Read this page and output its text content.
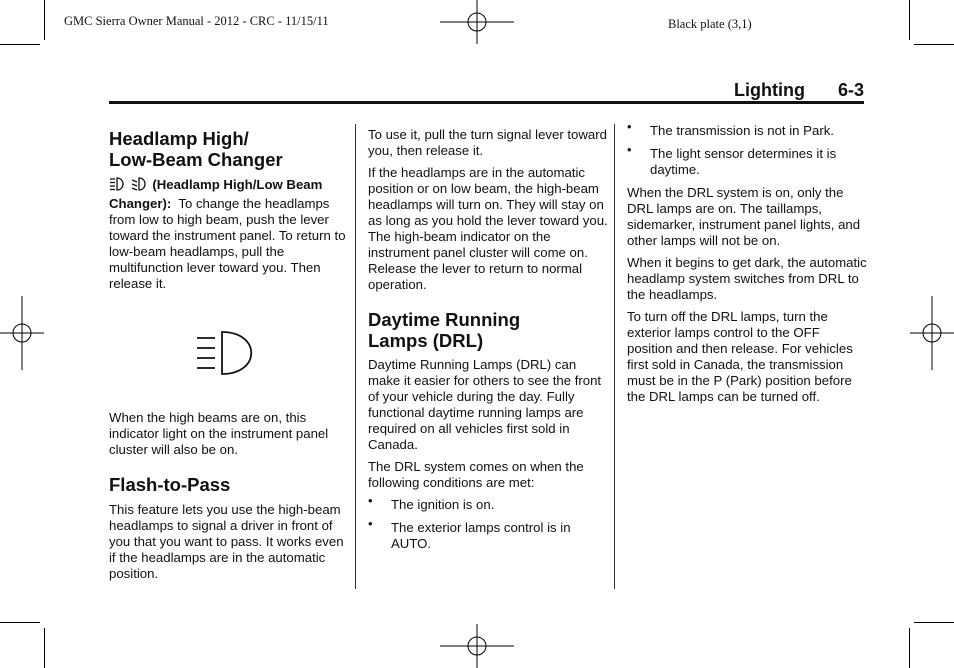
GMC Sierra Owner Manual - 2012 - CRC - 11/15/11	Black plate (3,1)
Lighting 6-3
Headlamp High/
Low-Beam Changer

(Headlamp High/Low Beam Changer): To change the headlamps from low to high beam, push the lever toward the instrument panel. To return to low-beam headlamps, pull the multifunction lever toward you. Then release it.

When the high beams are on, this indicator light on the instrument panel cluster will also be on.

Flash-to-Pass

This feature lets you use the high-beam headlamps to signal a driver in front of you that you want to pass. It works even if the headlamps are in the automatic position.

To use it, pull the turn signal lever toward you, then release it.

If the headlamps are in the automatic position or on low beam, the high-beam headlamps will turn on. They will stay on as long as you hold the lever toward you. The high-beam indicator on the instrument panel cluster will come on. Release the lever to return to normal operation.

Daytime Running
Lamps (DRL)

Daytime Running Lamps (DRL) can make it easier for others to see the front of your vehicle during the day. Fully functional daytime running lamps are required on all vehicles first sold in Canada.

The DRL system comes on when the following conditions are met:

• The ignition is on.
• The exterior lamps control is in AUTO.
• The transmission is not in Park.
• The light sensor determines it is daytime.

When the DRL system is on, only the DRL lamps are on. The taillamps, sidemarker, instrument panel lights, and other lamps will not be on.

When it begins to get dark, the automatic headlamp system switches from DRL to the headlamps.

To turn off the DRL lamps, turn the exterior lamps control to the OFF position and then release. For vehicles first sold in Canada, the transmission must be in the P (Park) position before the DRL lamps can be turned off.
